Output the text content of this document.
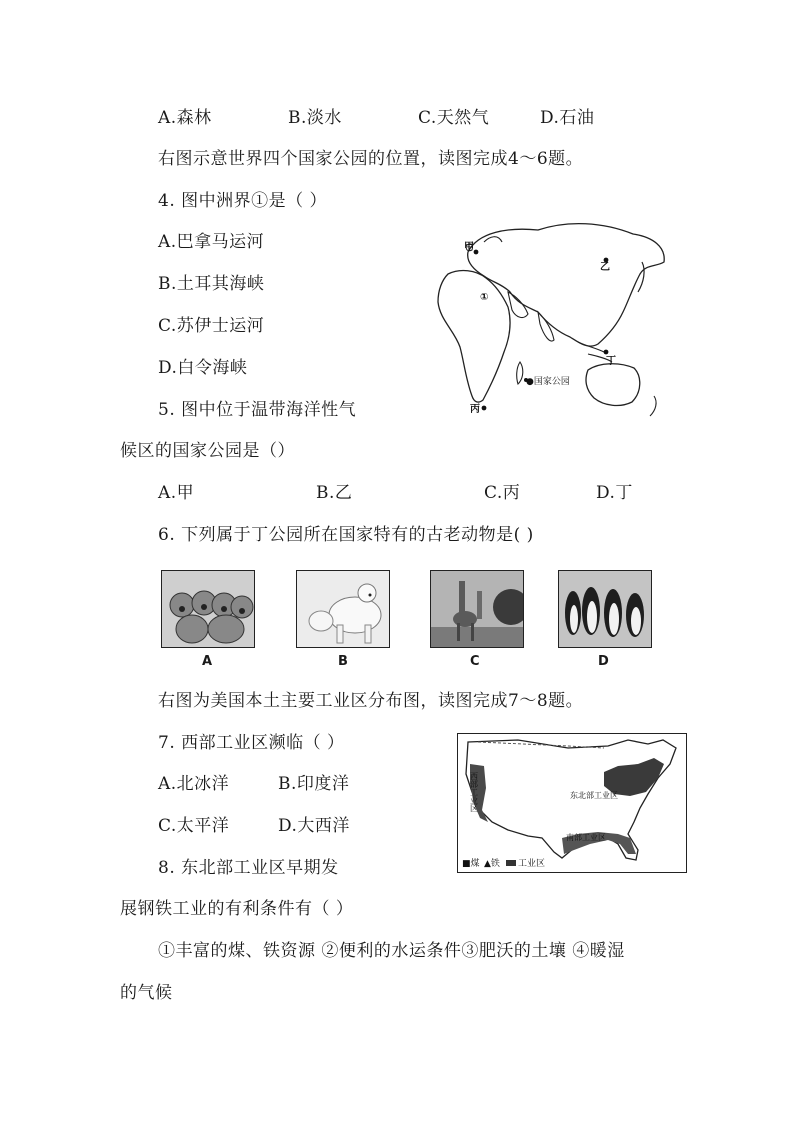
A.森林	B.淡水	C.天然气	D.石油
右图示意世界四个国家公园的位置，读图完成4～6题。
4. 图中洲界①是（ ）
A.巴拿马运河
B.土耳其海峡
C.苏伊士运河
D.白令海峡
5. 图中位于温带海洋性气
候区的国家公园是（）
A.甲	B.乙	C.丙	D.丁
甲
乙
丙
丁
①
●国家公园
6. 下列属于丁公园所在国家特有的古老动物是( )
A	B	C	D
右图为美国本土主要工业区分布图，读图完成7～8题。
7. 西部工业区濒临（ ）
A.北冰洋	B.印度洋
C.太平洋	D.大西洋
8. 东北部工业区早期发
展钢铁工业的有利条件有（ ）
①丰富的煤、铁资源 ②便利的水运条件③肥沃的土壤 ④暖湿
的气候
西部工业区	东北部工业区
南部工业区
■煤 ▲铁 工业区
